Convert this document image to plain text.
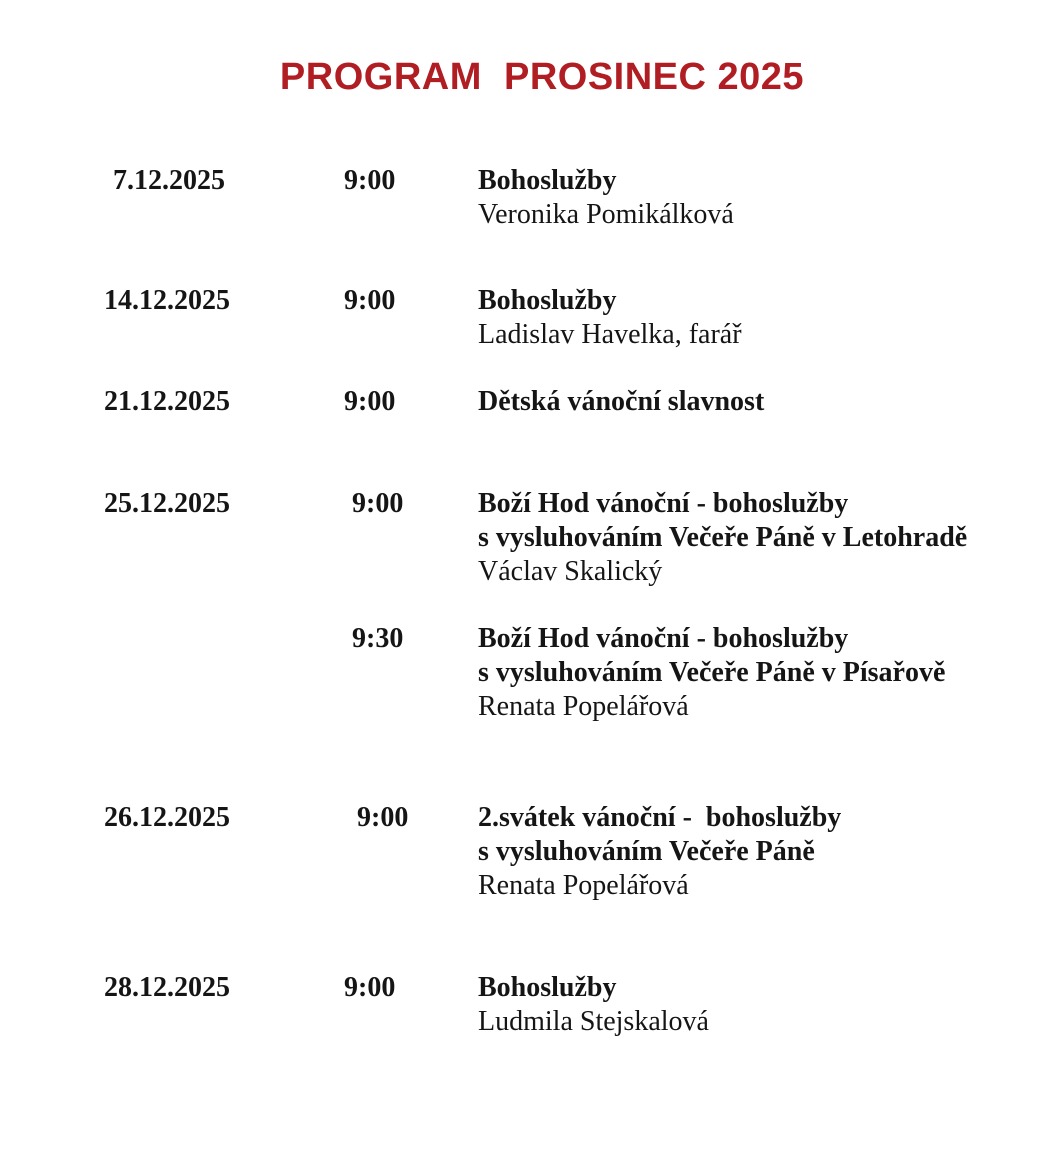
PROGRAM  PROSINEC 2025
7.12.2025	9:00	Bohoslužby
Veronika Pomikálková
14.12.2025	9:00	Bohoslužby
Ladislav Havelka, farář
21.12.2025	9:00	Dětská vánoční slavnost
25.12.2025	9:00	Boží Hod vánoční - bohoslužby
s vysluhováním Večeře Páně v Letohradě
Václav Skalický
9:30	Boží Hod vánoční - bohoslužby
s vysluhováním Večeře Páně v Písařově
Renata Popelářová
26.12.2025	9:00	2.svátek vánoční -  bohoslužby
s vysluhováním Večeře Páně
Renata Popelářová
28.12.2025	9:00	Bohoslužby
Ludmila Stejskalová
